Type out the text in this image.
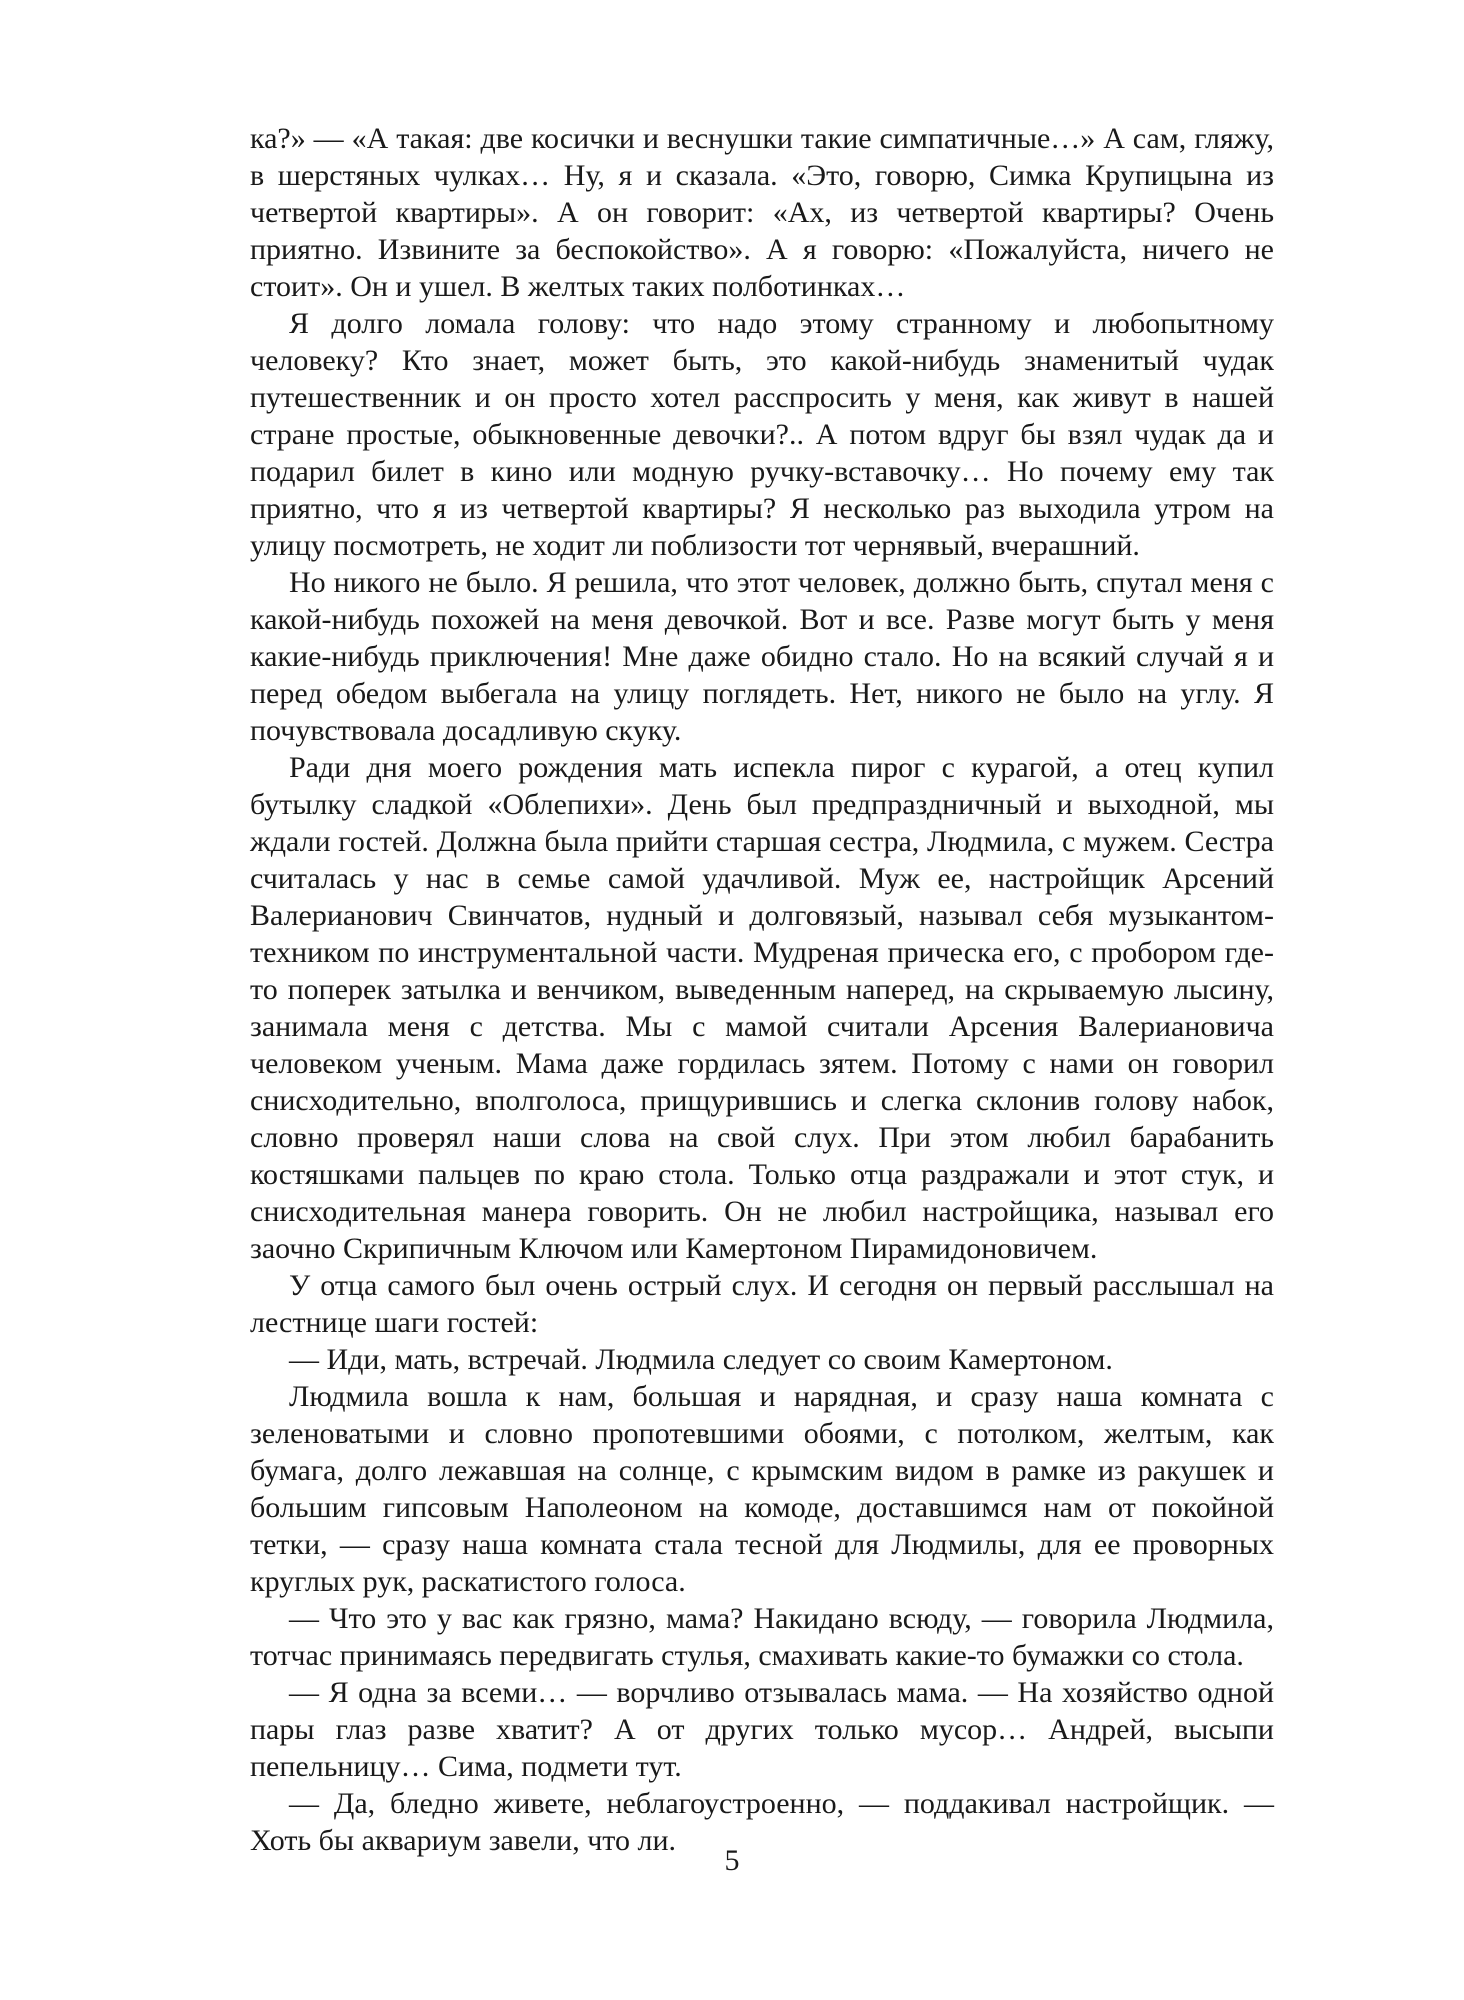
ка?» — «А такая: две косички и веснушки такие симпатичные…» А сам, гляжу, в шерстяных чулках… Ну, я и сказала. «Это, говорю, Симка Крупицына из четвертой квартиры». А он говорит: «Ах, из четвертой квартиры? Очень приятно. Извините за беспокойство». А я говорю: «Пожалуйста, ничего не стоит». Он и ушел. В желтых таких полботинках…

Я долго ломала голову: что надо этому странному и любопытному человеку? Кто знает, может быть, это какой-нибудь знаменитый чудак путешественник и он просто хотел расспросить у меня, как живут в нашей стране простые, обыкновенные девочки?.. А потом вдруг бы взял чудак да и подарил билет в кино или модную ручку-вставочку… Но почему ему так приятно, что я из четвертой квартиры? Я несколько раз выходила утром на улицу посмотреть, не ходит ли поблизости тот чернявый, вчерашний.

Но никого не было. Я решила, что этот человек, должно быть, спутал меня с какой-нибудь похожей на меня девочкой. Вот и все. Разве могут быть у меня какие-нибудь приключения! Мне даже обидно стало. Но на всякий случай я и перед обедом выбегала на улицу поглядеть. Нет, никого не было на углу. Я почувствовала досадливую скуку.

Ради дня моего рождения мать испекла пирог с курагой, а отец купил бутылку сладкой «Облепихи». День был предпраздничный и выходной, мы ждали гостей. Должна была прийти старшая сестра, Людмила, с мужем. Сестра считалась у нас в семье самой удачливой. Муж ее, настройщик Арсений Валерианович Свинчатов, нудный и долговязый, называл себя музыкантом-техником по инструментальной части. Мудреная прическа его, с пробором где-то поперек затылка и венчиком, выведенным наперед, на скрываемую лысину, занимала меня с детства. Мы с мамой считали Арсения Валериановича человеком ученым. Мама даже гордилась зятем. Потому с нами он говорил снисходительно, вполголоса, прищурившись и слегка склонив голову набок, словно проверял наши слова на свой слух. При этом любил барабанить костяшками пальцев по краю стола. Только отца раздражали и этот стук, и снисходительная манера говорить. Он не любил настройщика, называл его заочно Скрипичным Ключом или Камертоном Пирамидоновичем.

У отца самого был очень острый слух. И сегодня он первый расслышал на лестнице шаги гостей:

— Иди, мать, встречай. Людмила следует со своим Камертоном.

Людмила вошла к нам, большая и нарядная, и сразу наша комната с зеленоватыми и словно пропотевшими обоями, с потолком, желтым, как бумага, долго лежавшая на солнце, с крымским видом в рамке из ракушек и большим гипсовым Наполеоном на комоде, доставшимся нам от покойной тетки, — сразу наша комната стала тесной для Людмилы, для ее проворных круглых рук, раскатистого голоса.

— Что это у вас как грязно, мама? Накидано всюду, — говорила Людмила, тотчас принимаясь передвигать стулья, смахивать какие-то бумажки со стола.

— Я одна за всеми… — ворчливо отзывалась мама. — На хозяйство одной пары глаз разве хватит? А от других только мусор… Андрей, высыпи пепельницу… Сима, подмети тут.

— Да, бледно живете, неблагоустроенно, — поддакивал настройщик. — Хоть бы аквариум завели, что ли.

5
